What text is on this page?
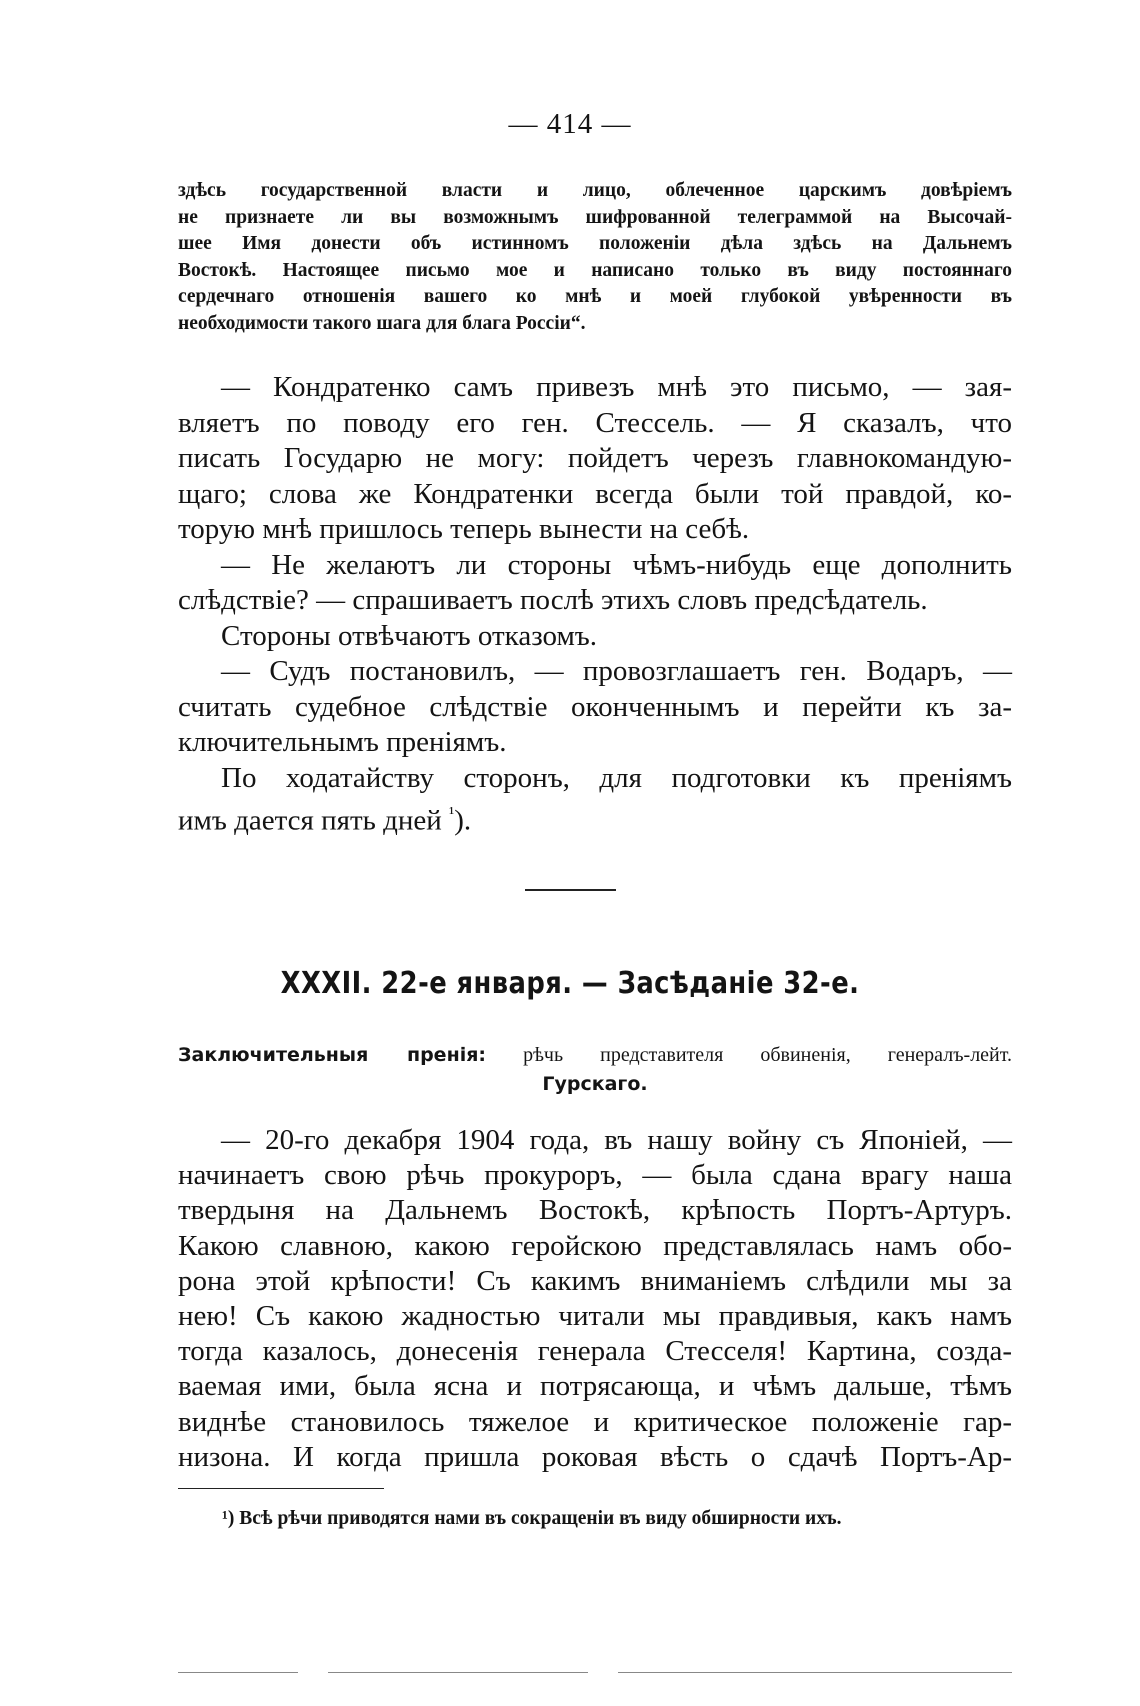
— 414 —
здѣсь государственной власти и лицо, облеченное царскимъ довѣріемъ
не признаете ли вы возможнымъ шифрованной телеграммой на Высочай-
шее Имя донести объ истинномъ положеніи дѣла здѣсь на Дальнемъ
Востокѣ. Настоящее письмо мое и написано только въ виду постояннаго
сердечнаго отношенія вашего ко мнѣ и моей глубокой увѣренности въ
необходимости такого шага для блага Россіи“.
— Кондратенко самъ привезъ мнѣ это письмо, — зая-
вляетъ по поводу его ген. Стессель. — Я сказалъ, что
писать Государю не могу: пойдетъ черезъ главнокомандую-
щаго; слова же Кондратенки всегда были той правдой, ко-
торую мнѣ пришлось теперь вынести на себѣ.
— Не желаютъ ли стороны чѣмъ-нибудь еще дополнить
слѣдствіе? — спрашиваетъ послѣ этихъ словъ предсѣдатель.
Стороны отвѣчаютъ отказомъ.
— Судъ постановилъ, — провозглашаетъ ген. Водаръ, —
считать судебное слѣдствіе оконченнымъ и перейти къ за-
ключительнымъ преніямъ.
По ходатайству сторонъ, для подготовки къ преніямъ
имъ дается пять дней $^{^1}$).
XXXII. 22-е января. — Засѣданіе 32-е.
Заключительныя пренія: рѣчь представителя обвиненія, генералъ-лейт.
Гурскаго.
— 20-го декабря 1904 года, въ нашу войну съ Японіей, —
начинаетъ свою рѣчь прокуроръ, — была сдана врагу наша
твердыня на Дальнемъ Востокѣ, крѣпость Портъ-Артуръ.
Какою славною, какою геройскою представлялась намъ обо-
рона этой крѣпости! Съ какимъ вниманіемъ слѣдили мы за
нею! Съ какою жадностью читали мы правдивыя, какъ намъ
тогда казалось, донесенія генерала Стесселя! Картина, созда-
ваемая ими, была ясна и потрясающа, и чѣмъ дальше, тѣмъ
виднѣе становилось тяжелое и критическое положеніе гар-
низона. И когда пришла роковая вѣсть о сдачѣ Портъ-Ар-
¹) Всѣ рѣчи приводятся нами въ сокращеніи въ виду обширности ихъ.
